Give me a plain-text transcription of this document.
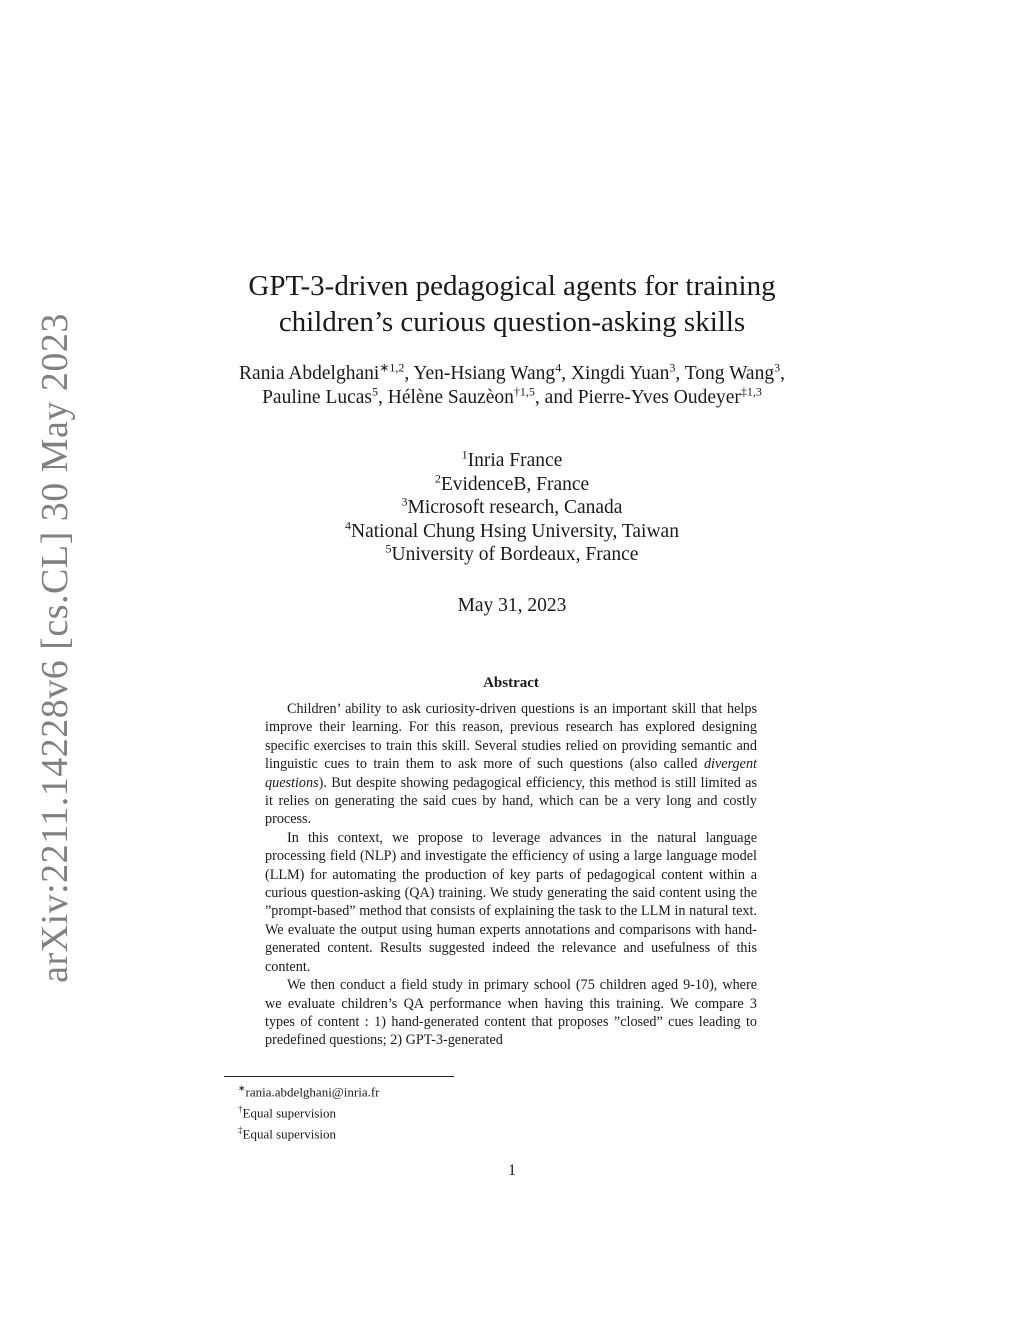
arXiv:2211.14228v6 [cs.CL] 30 May 2023
GPT-3-driven pedagogical agents for training
children’s curious question-asking skills
Rania Abdelghani$^{∗1,2}$, Yen-Hsiang Wang$^4$, Xingdi Yuan$^3$, Tong Wang$^3$, Pauline Lucas$^5$, Hélène Sauzèon$^{\dagger 1,5}$, and Pierre-Yves Oudeyer$^{\ddagger 1,3}$
$^1$Inria France
$^2$EvidenceB, France
$^3$Microsoft research, Canada
$^4$National Chung Hsing University, Taiwan
$^5$University of Bordeaux, France
May 31, 2023
Abstract

Children’ ability to ask curiosity-driven questions is an important skill that helps improve their learning. For this reason, previous research has explored designing specific exercises to train this skill. Several studies relied on providing semantic and linguistic cues to train them to ask more of such questions (also called divergent questions). But despite showing pedagogical efficiency, this method is still limited as it relies on generating the said cues by hand, which can be a very long and costly process.

In this context, we propose to leverage advances in the natural language processing field (NLP) and investigate the efficiency of using a large language model (LLM) for automating the production of key parts of pedagogical content within a curious question-asking (QA) training. We study generating the said content using the ”prompt-based” method that consists of explaining the task to the LLM in natural text. We evaluate the output using human experts annotations and comparisons with hand-generated content. Results suggested indeed the relevance and usefulness of this content.

We then conduct a field study in primary school (75 children aged 9-10), where we evaluate children’s QA performance when having this training. We compare 3 types of content : 1) hand-generated content that proposes ”closed” cues leading to predefined questions; 2) GPT-3-generated

∗rania.abdelghani@inria.fr
†Equal supervision
‡Equal supervision
1
